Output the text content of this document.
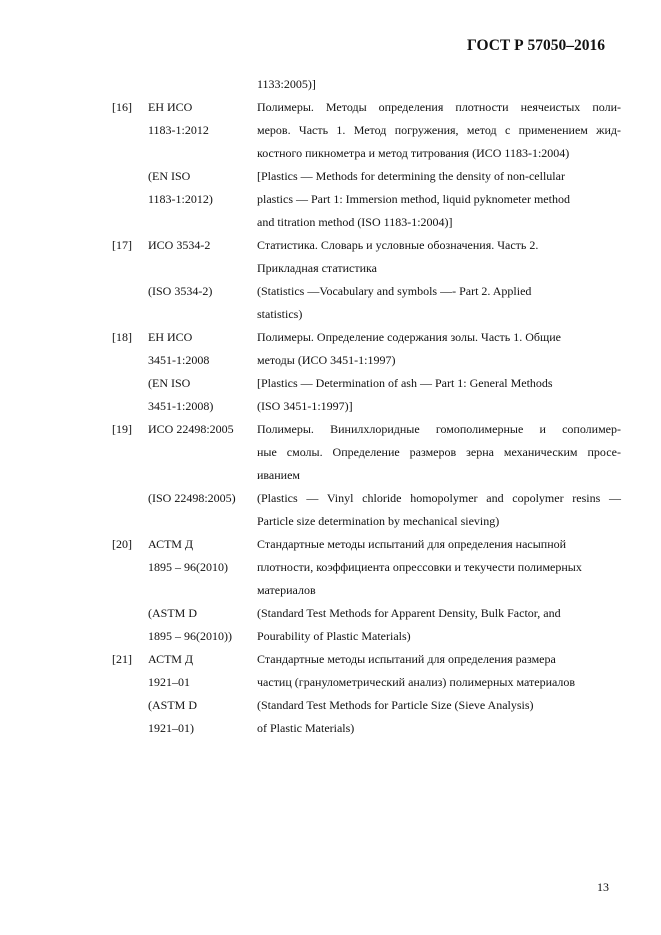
ГОСТ Р 57050–2016
1133:2005)]
[16] ЕН ИСО
1183-1:2012
Полимеры. Методы определения плотности неячеистых поли-
меров. Часть 1. Метод погружения, метод с применением жид-
костного пикнометра и метод титрования (ИСО 1183-1:2004)
(EN ISO
1183-1:2012)
[Plastics — Methods for determining the density of non-cellular
plastics — Part 1: Immersion method, liquid pyknometer method
and titration method (ISO 1183-1:2004)]
[17] ИСО 3534-2	Статистика. Словарь и условные обозначения. Часть 2.
Прикладная статистика
(ISO 3534-2)	(Statistics —Vocabulary and symbols —- Part 2. Applied
statistics)
[18] ЕН ИСО
3451-1:2008
Полимеры. Определение содержания золы. Часть 1. Общие
методы (ИСО 3451-1:1997)
(EN ISO
3451-1:2008)
[Plastics — Determination of ash — Part 1: General Methods
(ISO 3451-1:1997)]
[19] ИСО 22498:2005 Полимеры. Винилхлоридные гомополимерные и сополимер-
ные смолы. Определение размеров зерна механическим просе-
иванием
(ISO 22498:2005) (Plastics — Vinyl chloride homopolymer and copolymer resins —
Particle size determination by mechanical sieving)
[20] АСТМ Д
1895 – 96(2010)
Стандартные методы испытаний для определения насыпной
плотности, коэффициента опрессовки и текучести полимерных
материалов
(ASTM D
1895 – 96(2010))
(Standard Test Methods for Apparent Density, Bulk Factor, and
Pourability of Plastic Materials)
[21] АСТМ Д
1921–01
Стандартные методы испытаний для определения размера
частиц (гранулометрический анализ) полимерных материалов
(ASTM D
1921–01)
(Standard Test Methods for Particle Size (Sieve Analysis)
of Plastic Materials)
13
